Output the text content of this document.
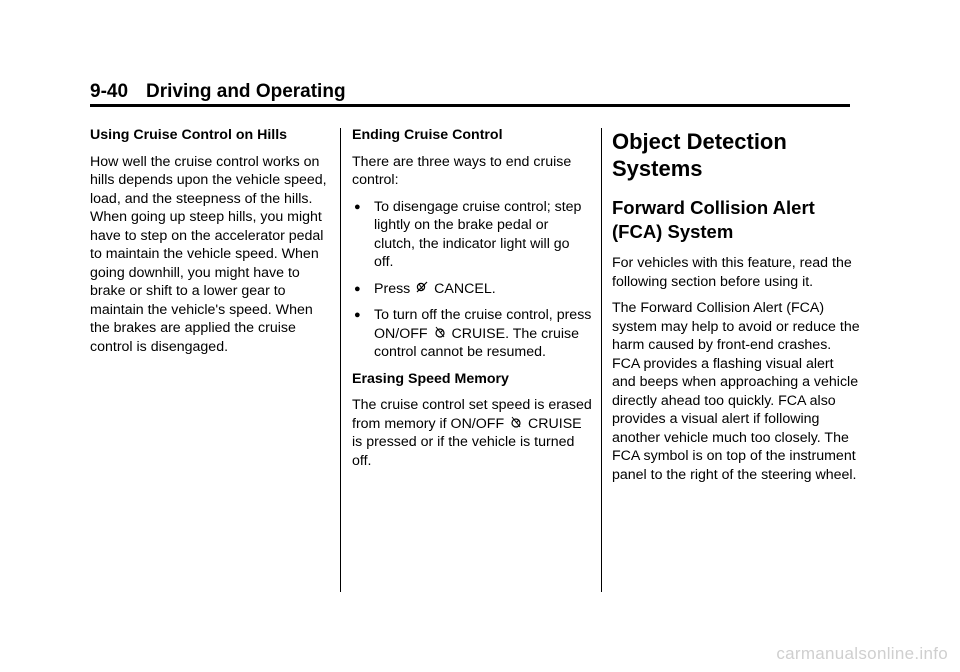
9-40 Driving and Operating
Using Cruise Control on Hills

How well the cruise control works on hills depends upon the vehicle speed, load, and the steepness of the hills. When going up steep hills, you might have to step on the accelerator pedal to maintain the vehicle speed. When going downhill, you might have to brake or shift to a lower gear to maintain the vehicle's speed. When the brakes are applied the cruise control is disengaged.

Ending Cruise Control

There are three ways to end cruise control:

● To disengage cruise control; step lightly on the brake pedal or clutch, the indicator light will go off.
● Press CANCEL.
● To turn off the cruise control, press ON/OFF CRUISE. The cruise control cannot be resumed.
Erasing Speed Memory

The cruise control set speed is erased from memory if ON/OFF CRUISE is pressed or if the vehicle is turned off.

Object Detection Systems
Forward Collision Alert (FCA) System

For vehicles with this feature, read the following section before using it.

The Forward Collision Alert (FCA) system may help to avoid or reduce the harm caused by front-end crashes. FCA provides a flashing visual alert and beeps when approaching a vehicle directly ahead too quickly. FCA also provides a visual alert if following another vehicle much too closely. The FCA symbol is on top of the instrument panel to the right of the steering wheel.

carmanualsonline.info
